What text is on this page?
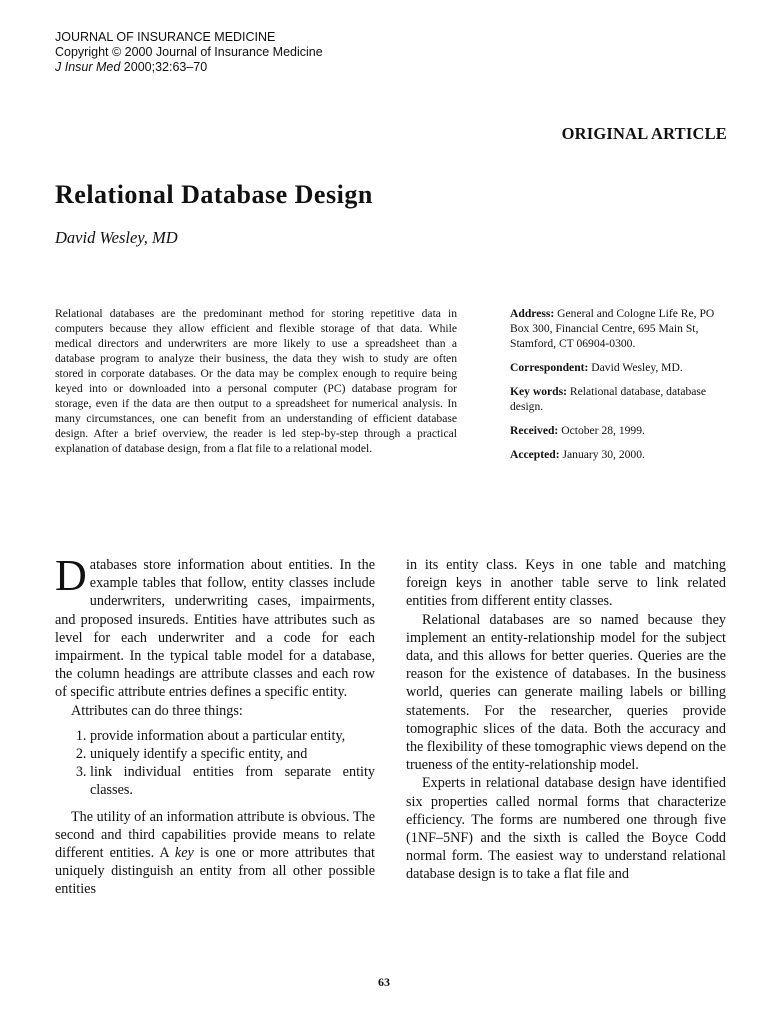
JOURNAL OF INSURANCE MEDICINE
Copyright © 2000 Journal of Insurance Medicine
J Insur Med 2000;32:63–70
ORIGINAL ARTICLE
Relational Database Design
David Wesley, MD

Relational databases are the predominant method for storing repetitive data in computers because they allow efficient and flexible storage of that data. While medical directors and underwriters are more likely to use a spreadsheet than a database program to analyze their business, the data they wish to study are often stored in corporate databases. Or the data may be complex enough to require being keyed into or downloaded into a personal computer (PC) database program for storage, even if the data are then output to a spreadsheet for numerical analysis. In many circumstances, one can benefit from an understanding of efficient database design. After a brief overview, the reader is led step-by-step through a practical explanation of database design, from a flat file to a relational model.

Address: General and Cologne Life Re, PO Box 300, Financial Centre, 695 Main St, Stamford, CT 06904-0300.

Correspondent: David Wesley, MD.

Key words: Relational database, database design.

Received: October 28, 1999.

Accepted: January 30, 2000.

Databases store information about entities. In the example tables that follow, entity classes include underwriters, underwriting cases, impairments, and proposed insureds. Entities have attributes such as level for each underwriter and a code for each impairment. In the typical table model for a database, the column headings are attribute classes and each row of specific attribute entries defines a specific entity.

Attributes can do three things:

1. provide information about a particular entity,
2. uniquely identify a specific entity, and
3. link individual entities from separate entity classes.

The utility of an information attribute is obvious. The second and third capabilities provide means to relate different entities. A key is one or more attributes that uniquely distinguish an entity from all other possible entities

in its entity class. Keys in one table and matching foreign keys in another table serve to link related entities from different entity classes.

Relational databases are so named because they implement an entity-relationship model for the subject data, and this allows for better queries. Queries are the reason for the existence of databases. In the business world, queries can generate mailing labels or billing statements. For the researcher, queries provide tomographic slices of the data. Both the accuracy and the flexibility of these tomographic views depend on the trueness of the entity-relationship model.

Experts in relational database design have identified six properties called normal forms that characterize efficiency. The forms are numbered one through five (1NF–5NF) and the sixth is called the Boyce Codd normal form. The easiest way to understand relational database design is to take a flat file and

63
